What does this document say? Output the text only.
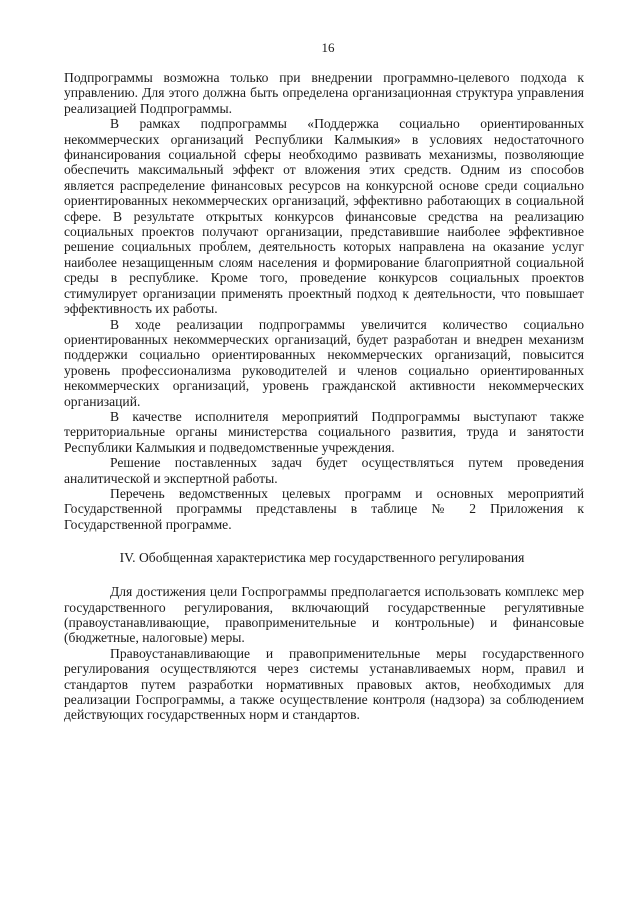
16

Подпрограммы возможна только при внедрении программно-целевого подхода к управлению. Для этого должна быть определена организационная структура управления реализацией Подпрограммы.

В рамках подпрограммы «Поддержка социально ориентированных некоммерческих организаций Республики Калмыкия» в условиях недостаточного финансирования социальной сферы необходимо развивать механизмы, позволяющие обеспечить максимальный эффект от вложения этих средств. Одним из способов является распределение финансовых ресурсов на конкурсной основе среди социально ориентированных некоммерческих организаций, эффективно работающих в социальной сфере. В результате открытых конкурсов финансовые средства на реализацию социальных проектов получают организации, представившие наиболее эффективное решение социальных проблем, деятельность которых направлена на оказание услуг наиболее незащищенным слоям населения и формирование благоприятной социальной среды в республике. Кроме того, проведение конкурсов социальных проектов стимулирует организации применять проектный подход к деятельности, что повышает эффективность их работы.

В ходе реализации подпрограммы увеличится количество социально ориентированных некоммерческих организаций, будет разработан и внедрен механизм поддержки социально ориентированных некоммерческих организаций, повысится уровень профессионализма руководителей и членов социально ориентированных некоммерческих организаций, уровень гражданской активности некоммерческих организаций.

В качестве исполнителя мероприятий Подпрограммы выступают также территориальные органы министерства социального развития, труда и занятости Республики Калмыкия и подведомственные учреждения.

Решение поставленных задач будет осуществляться путем проведения аналитической и экспертной работы.

Перечень ведомственных целевых программ и основных мероприятий Государственной программы представлены в таблице № 2 Приложения к Государственной программе.

IV. Обобщенная характеристика мер государственного регулирования

Для достижения цели Госпрограммы предполагается использовать комплекс мер государственного регулирования, включающий государственные регулятивные (правоустанавливающие, правоприменительные и контрольные) и финансовые (бюджетные, налоговые) меры.

Правоустанавливающие и правоприменительные меры государственного регулирования осуществляются через системы устанавливаемых норм, правил и стандартов путем разработки нормативных правовых актов, необходимых для реализации Госпрограммы, а также осуществление контроля (надзора) за соблюдением действующих государственных норм и стандартов.
